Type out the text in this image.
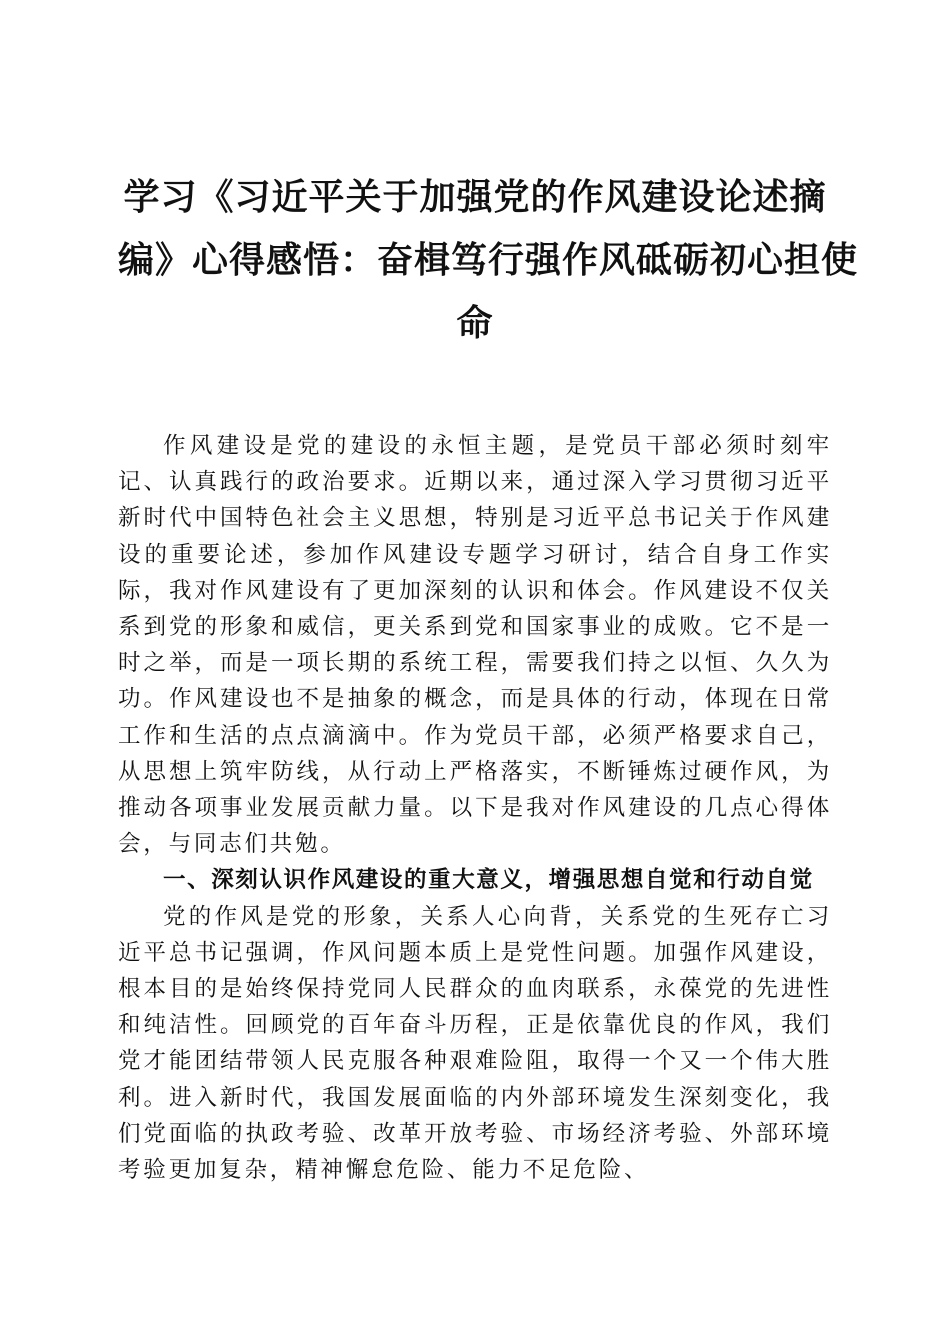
学习《习近平关于加强党的作风建设论述摘
编》心得感悟：奋楫笃行强作风砥砺初心担使
命

作风建设是党的建设的永恒主题，是党员干部必须时刻牢记、认真践行的政治要求。近期以来，通过深入学习贯彻习近平新时代中国特色社会主义思想，特别是习近平总书记关于作风建设的重要论述，参加作风建设专题学习研讨，结合自身工作实际，我对作风建设有了更加深刻的认识和体会。作风建设不仅关系到党的形象和威信，更关系到党和国家事业的成败。它不是一时之举，而是一项长期的系统工程，需要我们持之以恒、久久为功。作风建设也不是抽象的概念，而是具体的行动，体现在日常工作和生活的点点滴滴中。作为党员干部，必须严格要求自己，从思想上筑牢防线，从行动上严格落实，不断锤炼过硬作风，为推动各项事业发展贡献力量。以下是我对作风建设的几点心得体会，与同志们共勉。

一、深刻认识作风建设的重大意义，增强思想自觉和行动自觉

党的作风是党的形象，关系人心向背，关系党的生死存亡习近平总书记强调，作风问题本质上是党性问题。加强作风建设，根本目的是始终保持党同人民群众的血肉联系，永葆党的先进性和纯洁性。回顾党的百年奋斗历程，正是依靠优良的作风，我们党才能团结带领人民克服各种艰难险阻，取得一个又一个伟大胜利。进入新时代，我国发展面临的内外部环境发生深刻变化，我们党面临的执政考验、改革开放考验、市场经济考验、外部环境考验更加复杂，精神懈怠危险、能力不足危险、
